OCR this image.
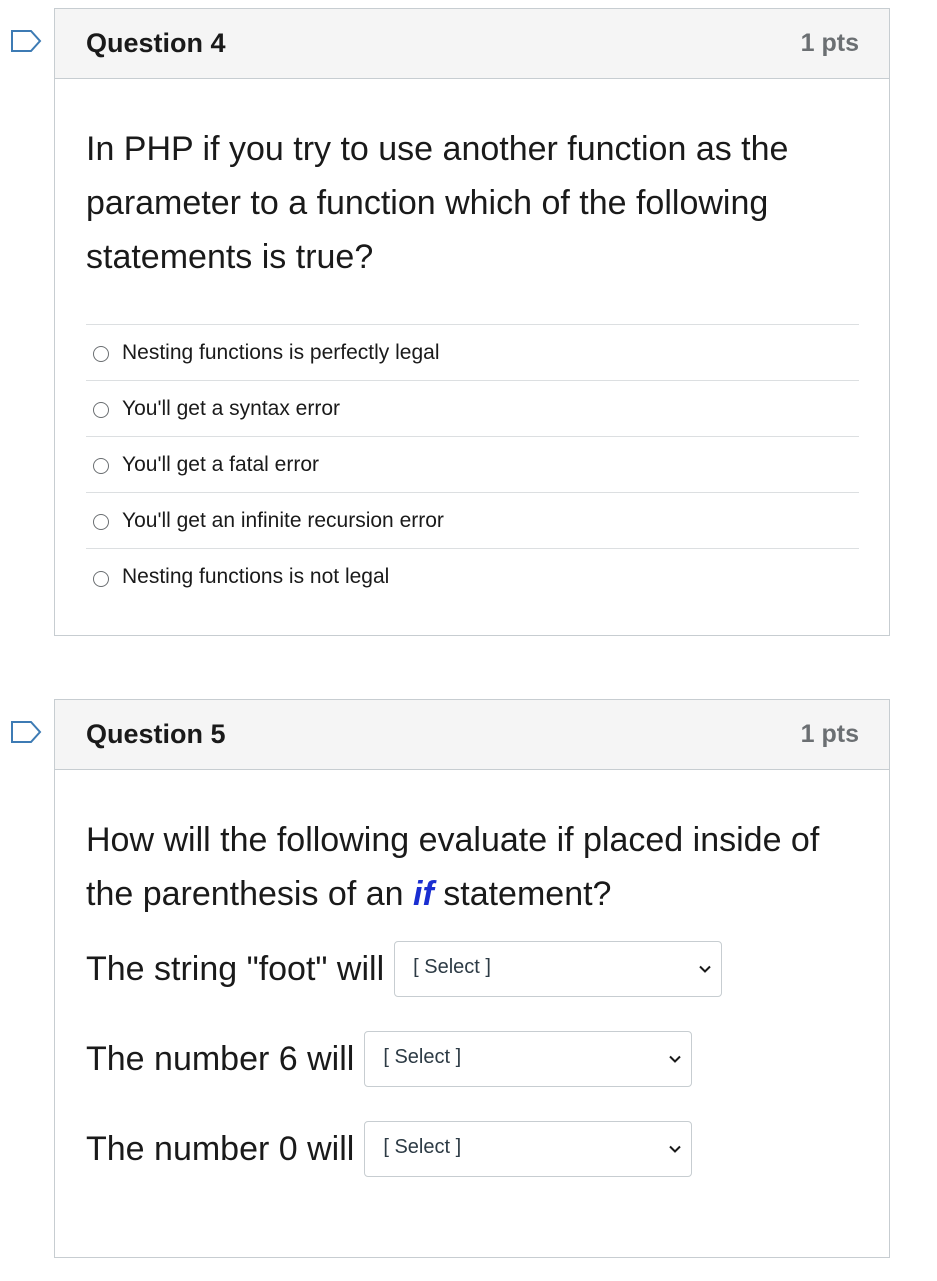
Question 4	1 pts

In PHP if you try to use another function as the parameter to a function which of the following statements is true?

Nesting functions is perfectly legal
You'll get a syntax error
You'll get a fatal error
You'll get an infinite recursion error
Nesting functions is not legal
Question 5	1 pts

How will the following evaluate if placed inside of the parenthesis of an if statement?

The string "foot" will [ Select ]
The number 6 will [ Select ]
The number 0 will [ Select ]
